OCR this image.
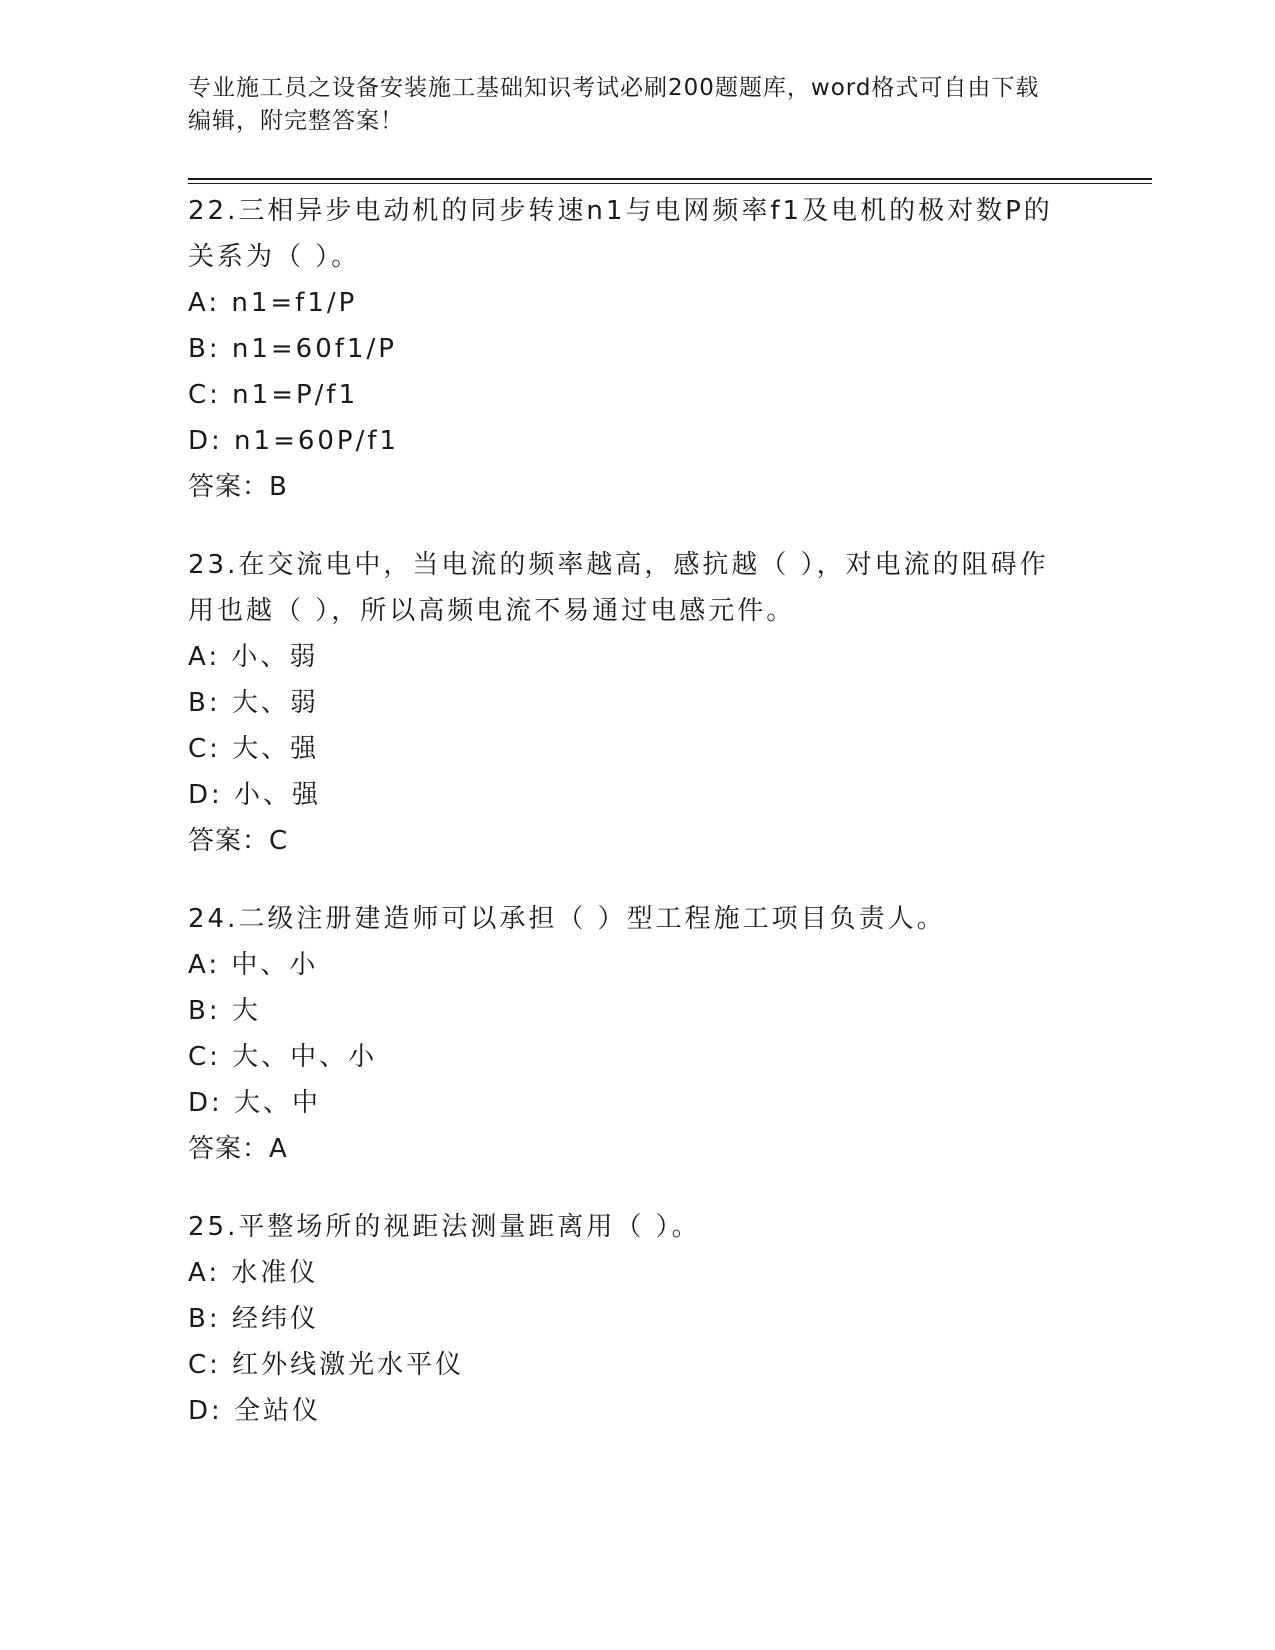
专业施工员之设备安装施工基础知识考试必刷200题题库，word格式可自由下载
编辑，附完整答案！
22.三相异步电动机的同步转速n1与电网频率f1及电机的极对数P的
关系为（ ）。
A: n1=f1/P
B: n1=60f1/P
C: n1=P/f1
D: n1=60P/f1
答案：B
23.在交流电中，当电流的频率越高，感抗越（ ），对电流的阻碍作
用也越（ ），所以高频电流不易通过电感元件。
A: 小、弱
B: 大、弱
C: 大、强
D: 小、强
答案：C
24.二级注册建造师可以承担（ ）型工程施工项目负责人。
A: 中、小
B: 大
C: 大、中、小
D: 大、中
答案：A
25.平整场所的视距法测量距离用（ ）。
A: 水准仪
B: 经纬仪
C: 红外线激光水平仪
D: 全站仪
